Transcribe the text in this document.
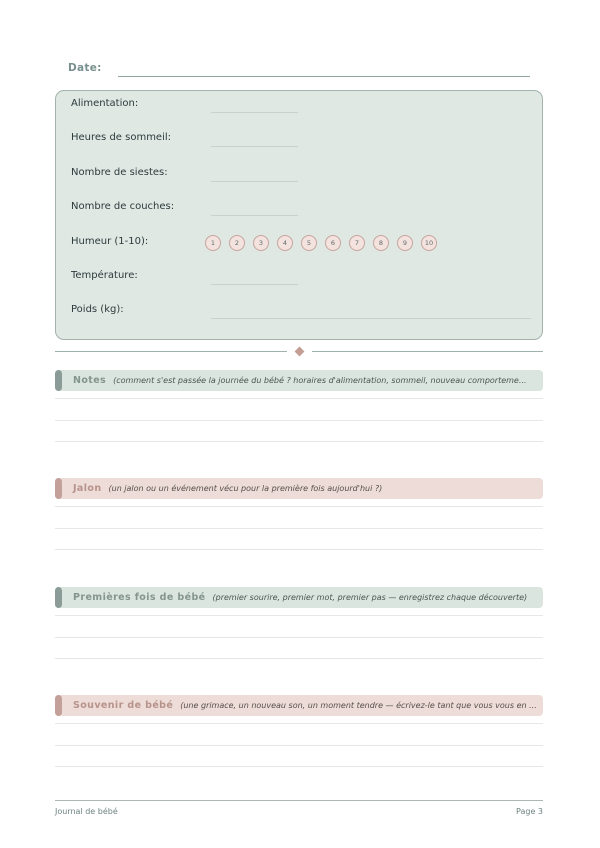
Date:
Alimentation:
Heures de sommeil:
Nombre de siestes:
Nombre de couches:
Humeur (1-10):	1	2	3	4	5	6	7	8	9	10
Température:
Poids (kg):
Notes (comment s'est passée la journée du bébé ? horaires d'alimentation, sommeil, nouveau comporteme...
Jalon (un jalon ou un événement vécu pour la première fois aujourd'hui ?)
Premières fois de bébé (premier sourire, premier mot, premier pas — enregistrez chaque découverte)
Souvenir de bébé (une grimace, un nouveau son, un moment tendre — écrivez-le tant que vous vous en ...
Journal de bébé	Page 3
